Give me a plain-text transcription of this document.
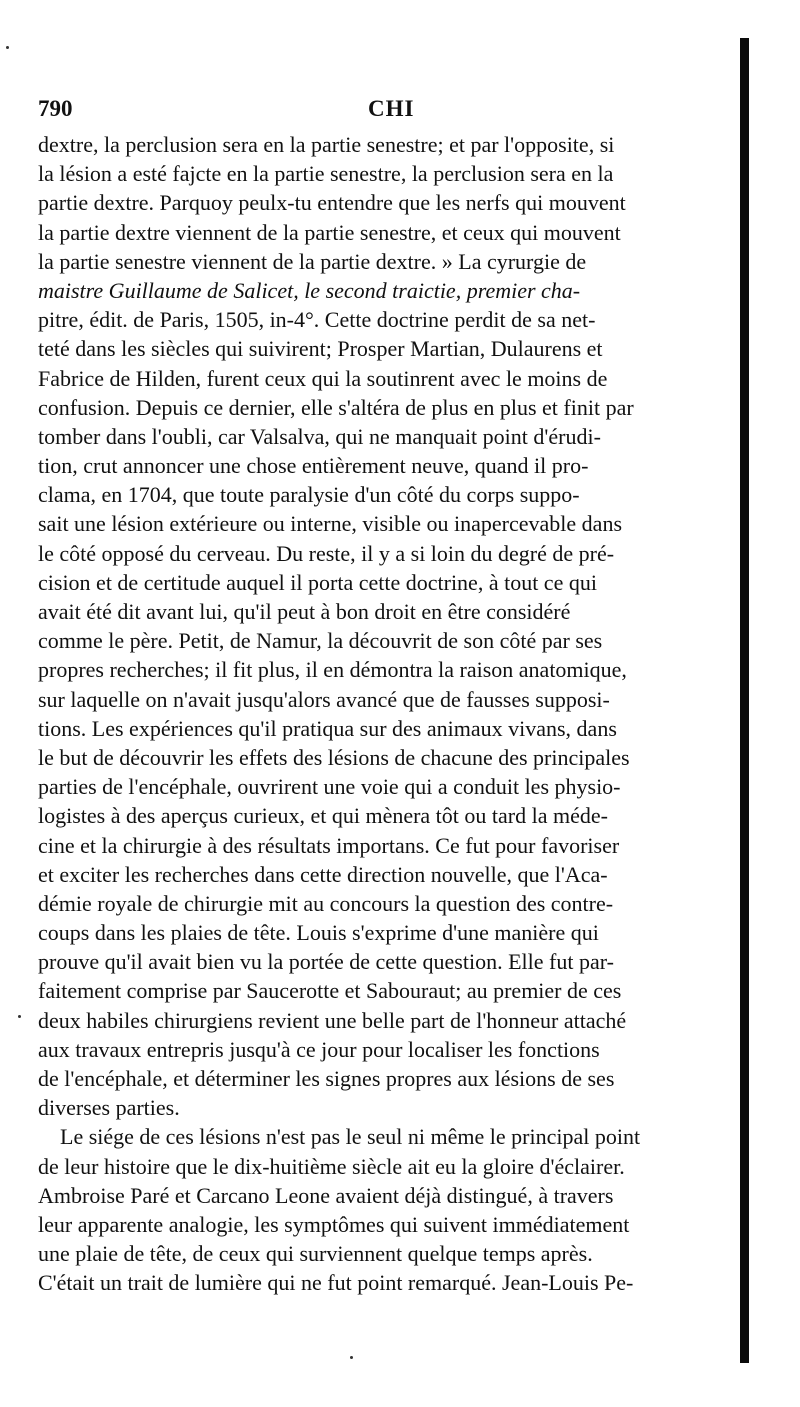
790	CHI
dextre, la perclusion sera en la partie senestre; et par l'opposite, si
la lésion a esté fajcte en la partie senestre, la perclusion sera en la
partie dextre. Parquoy peulx-tu entendre que les nerfs qui mouvent
la partie dextre viennent de la partie senestre, et ceux qui mouvent
la partie senestre viennent de la partie dextre. » La cyrurgie de
maistre Guillaume de Salicet, le second traictie, premier cha-
pitre, édit. de Paris, 1505, in-4°. Cette doctrine perdit de sa net-
teté dans les siècles qui suivirent; Prosper Martian, Dulaurens et
Fabrice de Hilden, furent ceux qui la soutinrent avec le moins de
confusion. Depuis ce dernier, elle s'altéra de plus en plus et finit par
tomber dans l'oubli, car Valsalva, qui ne manquait point d'érudi-
tion, crut annoncer une chose entièrement neuve, quand il pro-
clama, en 1704, que toute paralysie d'un côté du corps suppo-
sait une lésion extérieure ou interne, visible ou inapercevable dans
le côté opposé du cerveau. Du reste, il y a si loin du degré de pré-
cision et de certitude auquel il porta cette doctrine, à tout ce qui
avait été dit avant lui, qu'il peut à bon droit en être considéré
comme le père. Petit, de Namur, la découvrit de son côté par ses
propres recherches; il fit plus, il en démontra la raison anatomique,
sur laquelle on n'avait jusqu'alors avancé que de fausses supposi-
tions. Les expériences qu'il pratiqua sur des animaux vivans, dans
le but de découvrir les effets des lésions de chacune des principales
parties de l'encéphale, ouvrirent une voie qui a conduit les physio-
logistes à des aperçus curieux, et qui mènera tôt ou tard la méde-
cine et la chirurgie à des résultats importans. Ce fut pour favoriser
et exciter les recherches dans cette direction nouvelle, que l'Aca-
démie royale de chirurgie mit au concours la question des contre-
coups dans les plaies de tête. Louis s'exprime d'une manière qui
prouve qu'il avait bien vu la portée de cette question. Elle fut par-
faitement comprise par Saucerotte et Sabouraut; au premier de ces
deux habiles chirurgiens revient une belle part de l'honneur attaché
aux travaux entrepris jusqu'à ce jour pour localiser les fonctions
de l'encéphale, et déterminer les signes propres aux lésions de ses
diverses parties.
Le siége de ces lésions n'est pas le seul ni même le principal point
de leur histoire que le dix-huitième siècle ait eu la gloire d'éclairer.
Ambroise Paré et Carcano Leone avaient déjà distingué, à travers
leur apparente analogie, les symptômes qui suivent immédiatement
une plaie de tête, de ceux qui surviennent quelque temps après.
C'était un trait de lumière qui ne fut point remarqué. Jean-Louis Pe-
